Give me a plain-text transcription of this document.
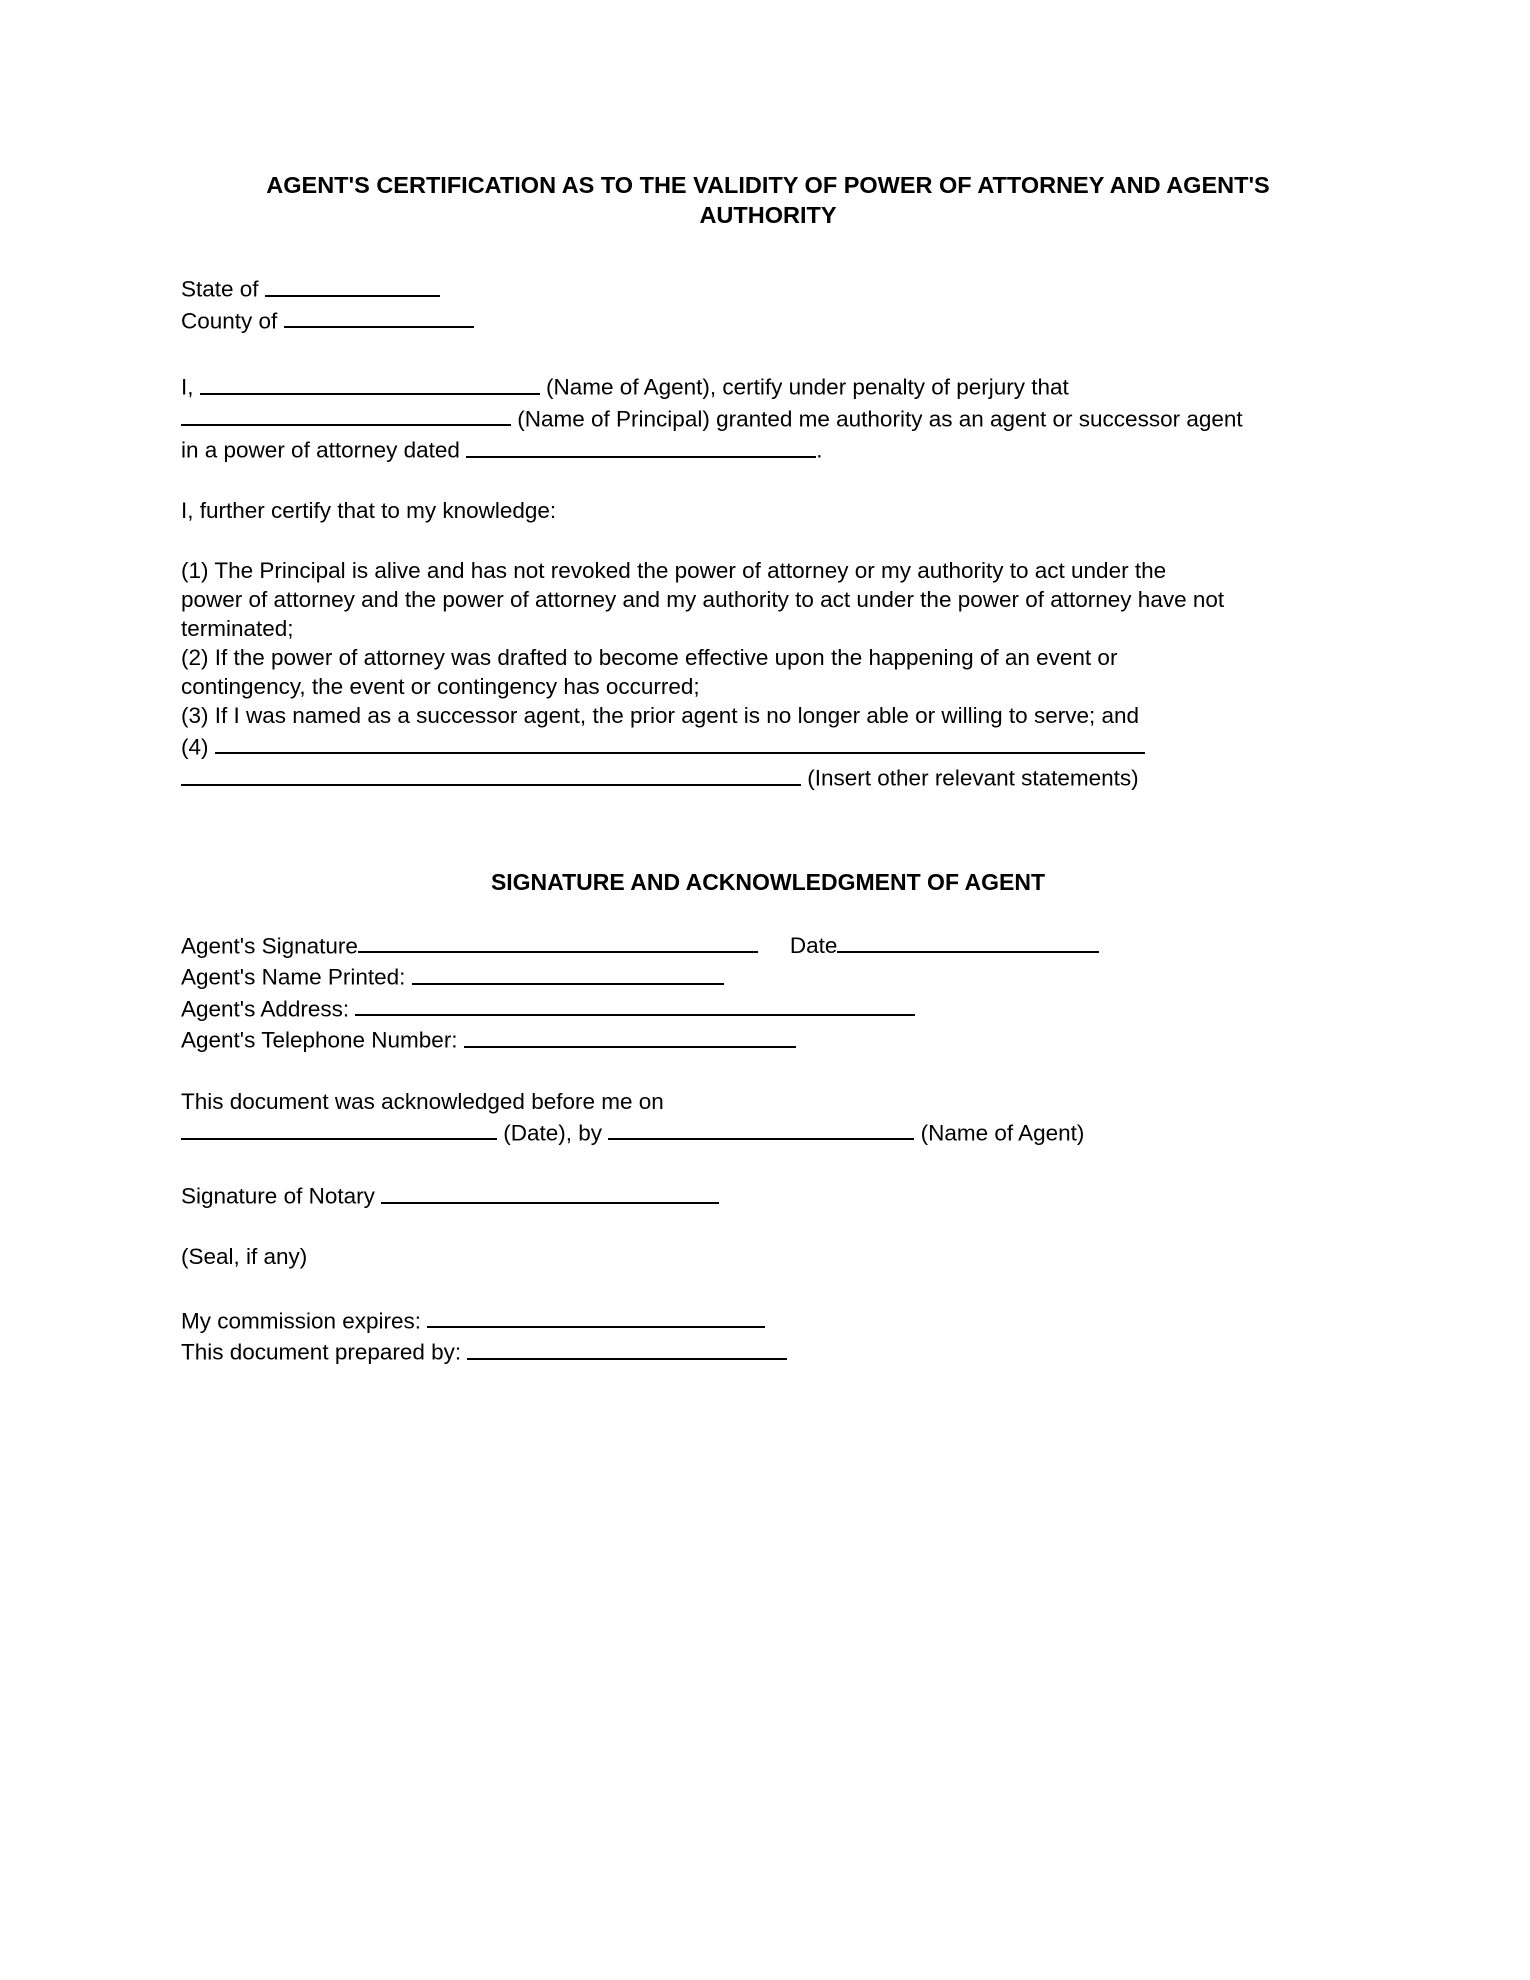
AGENT'S CERTIFICATION AS TO THE VALIDITY OF POWER OF ATTORNEY AND AGENT'S
AUTHORITY
State of
County of
I,	(Name of Agent), certify under penalty of perjury that
(Name of Principal) granted me authority as an agent or successor agent
in a power of attorney dated	.
I, further certify that to my knowledge:
(1) The Principal is alive and has not revoked the power of attorney or my authority to act under the
power of attorney and the power of attorney and my authority to act under the power of attorney have not
terminated;
(2) If the power of attorney was drafted to become effective upon the happening of an event or
contingency, the event or contingency has occurred;
(3) If I was named as a successor agent, the prior agent is no longer able or willing to serve; and
(4)
(Insert other relevant statements)
SIGNATURE AND ACKNOWLEDGMENT OF AGENT
Agent's Signature	Date
Agent's Name Printed:
Agent's Address:
Agent's Telephone Number:
This document was acknowledged before me on
(Date), by	(Name of Agent)
Signature of Notary
(Seal, if any)
My commission expires:
This document prepared by:
